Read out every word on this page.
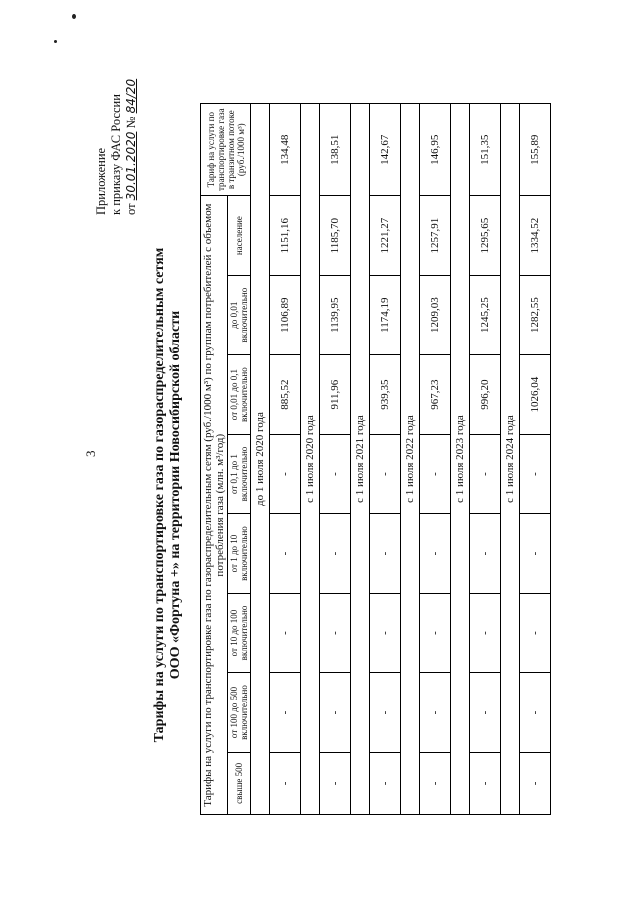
3
Приложение к приказу ФАС России от 30.01.2020 № 84/20
Тарифы на услуги по транспортировке газа по газораспределительным сетям ООО «Фортуна +» на территории Новосибирской области Тарифы на услуги по транспортировке газа по газораспределительным сетям (руб./1000 м³) по группам потребителей с объемом потребления газа (млн. м³/год)								Тариф на услуги по транспортировке газа в транзитном потоке (руб./1000 м³)
свыше 500	от 100 до 500 включительно	от 10 до 100 включительно	от 1 до 10 включительно	от 0,1 до 1 включительно	от 0,01 до 0,1 включительно	до 0,01 включительно	население	
до 1 июля 2020 года								
-	-	-	-	-	885,52	1106,89	1151,16	134,48
с 1 июля 2020 года								
-	-	-	-	-	911,96	1139,95	1185,70	138,51
с 1 июля 2021 года								
-	-	-	-	-	939,35	1174,19	1221,27	142,67
с 1 июля 2022 года								
-	-	-	-	-	967,23	1209,03	1257,91	146,95
с 1 июля 2023 года								
-	-	-	-	-	996,20	1245,25	1295,65	151,35
с 1 июля 2024 года								
-	-	-	-	-	1026,04	1282,55	1334,52	155,89
